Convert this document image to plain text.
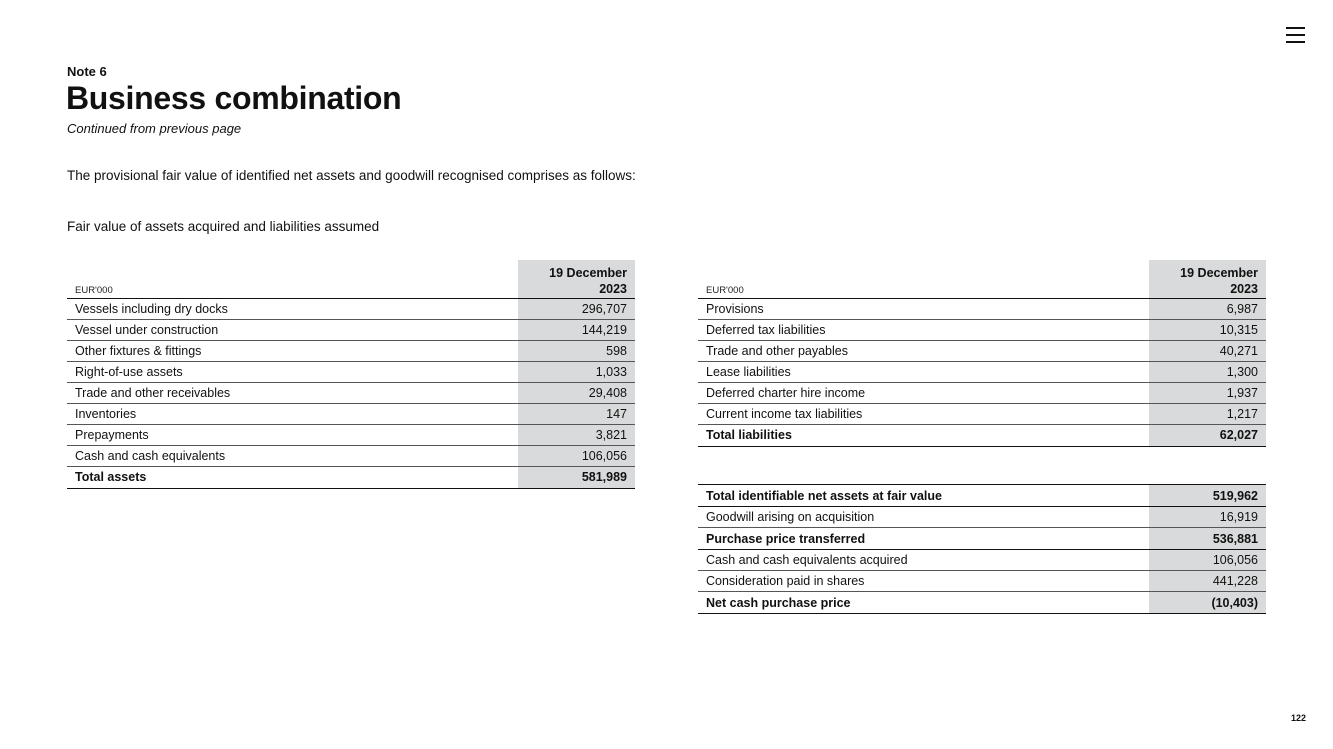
Note 6
Business combination
Continued from previous page
The provisional fair value of identified net assets and goodwill recognised comprises as follows:
Fair value of assets acquired and liabilities assumed
EUR'000	19 December
2023
Vessels including dry docks	296,707
Vessel under construction	144,219
Other fixtures & fittings	598
Right-of-use assets	1,033
Trade and other receivables	29,408
Inventories	147
Prepayments	3,821
Cash and cash equivalents	106,056
Total assets	581,989
EUR'000	19 December
2023
Provisions	6,987
Deferred tax liabilities	10,315
Trade and other payables	40,271
Lease liabilities	1,300
Deferred charter hire income	1,937
Current income tax liabilities	1,217
Total liabilities	62,027

Total identifiable net assets at fair value	519,962
Goodwill arising on acquisition	16,919
Purchase price transferred	536,881
Cash and cash equivalents acquired	106,056
Consideration paid in shares	441,228
Net cash purchase price	(10,403)
122
